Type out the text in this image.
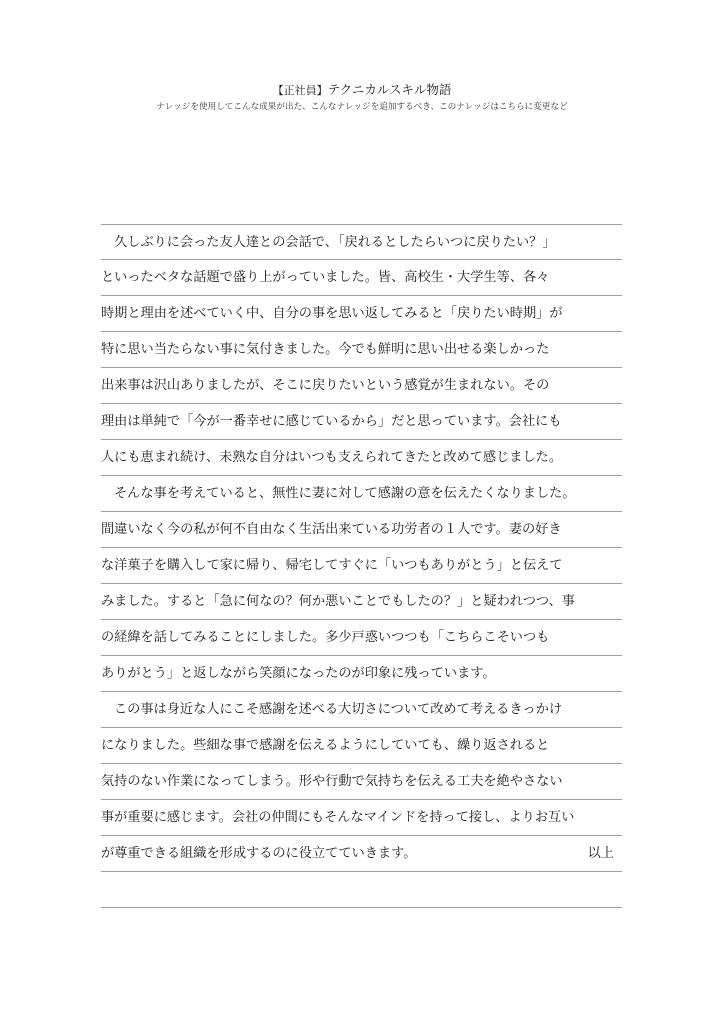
【正社員】テクニカルスキル物語
ナレッジを使用してこんな成果が出た、こんなナレッジを追加するべき、このナレッジはこちらに変更など
久しぶりに会った友人達との会話で、「戻れるとしたらいつに戻りたい？」
といったベタな話題で盛り上がっていました。皆、高校生・大学生等、各々
時期と理由を述べていく中、自分の事を思い返してみると「戻りたい時期」が
特に思い当たらない事に気付きました。今でも鮮明に思い出せる楽しかった
出来事は沢山ありましたが、そこに戻りたいという感覚が生まれない。その
理由は単純で「今が一番幸せに感じているから」だと思っています。会社にも
人にも恵まれ続け、未熟な自分はいつも支えられてきたと改めて感じました。
そんな事を考えていると、無性に妻に対して感謝の意を伝えたくなりました。
間違いなく今の私が何不自由なく生活出来ている功労者の１人です。妻の好き
な洋菓子を購入して家に帰り、帰宅してすぐに「いつもありがとう」と伝えて
みました。すると「急に何なの？何か悪いことでもしたの？」と疑われつつ、事
の経緯を話してみることにしました。多少戸惑いつつも「こちらこそいつも
ありがとう」と返しながら笑顔になったのが印象に残っています。
この事は身近な人にこそ感謝を述べる大切さについて改めて考えるきっかけ
になりました。些細な事で感謝を伝えるようにしていても、繰り返されると
気持のない作業になってしまう。形や行動で気持ちを伝える工夫を絶やさない
事が重要に感じます。会社の仲間にもそんなマインドを持って接し、よりお互い
が尊重できる組織を形成するのに役立てていきます。	以上
